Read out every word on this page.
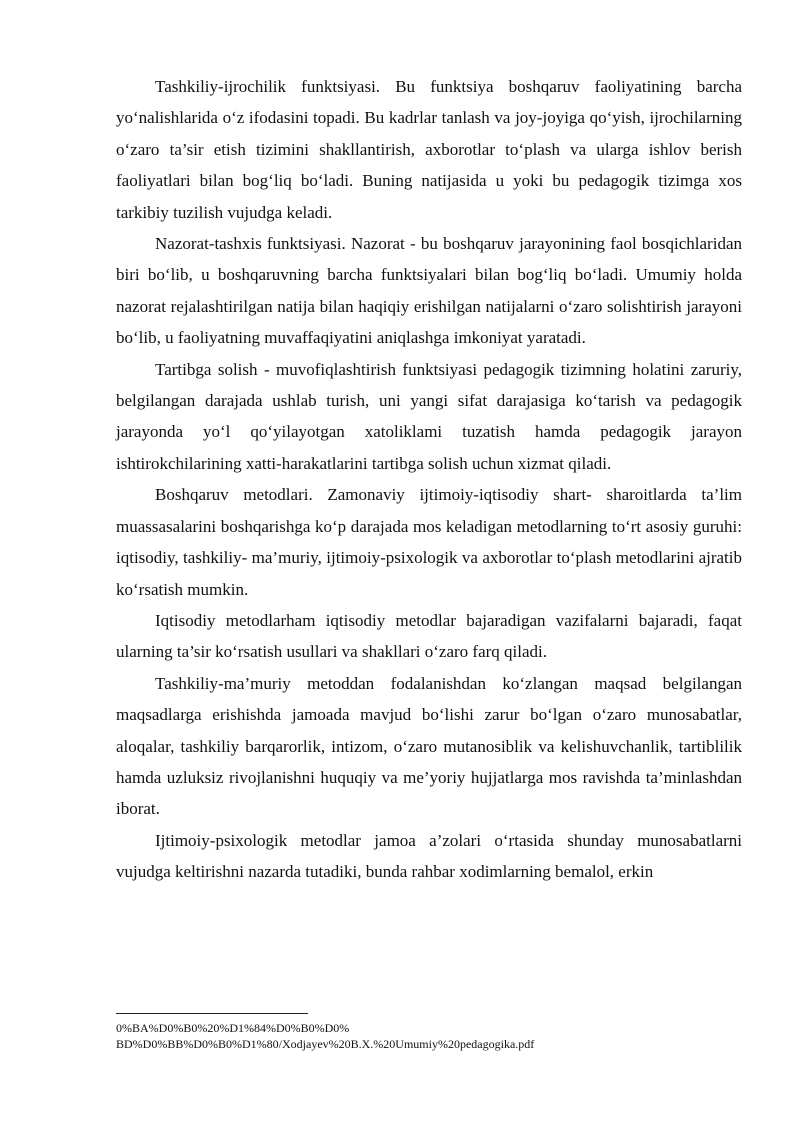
Tashkiliy-ijrochilik funktsiyasi. Bu funktsiya boshqaruv faoliyatining barcha yo‘nalishlarida o‘z ifodasini topadi. Bu kadrlar tanlash va joy-joyiga qo‘yish, ijrochilarning o‘zaro ta’sir etish tizimini shakllantirish, axborotlar to‘plash va ularga ishlov berish faoliyatlari bilan bog‘liq bo‘ladi. Buning natijasida u yoki bu pedagogik tizimga xos tarkibiy tuzilish vujudga keladi.

Nazorat-tashxis funktsiyasi. Nazorat - bu boshqaruv jarayonining faol bosqichlaridan biri bo‘lib, u boshqaruvning barcha funktsiyalari bilan bog‘liq bo‘ladi. Umumiy holda nazorat rejalashtirilgan natija bilan haqiqiy erishilgan natijalarni o‘zaro solishtirish jarayoni bo‘lib, u faoliyatning muvaffaqiyatini aniqlashga imkoniyat yaratadi.

Tartibga solish - muvofiqlashtirish funktsiyasi pedagogik tizimning holatini zaruriy, belgilangan darajada ushlab turish, uni yangi sifat darajasiga ko‘tarish va pedagogik jarayonda yo‘l qo‘yilayotgan xatoliklami tuzatish hamda pedagogik jarayon ishtirokchilarining xatti-harakatlarini tartibga solish uchun xizmat qiladi.

Boshqaruv metodlari. Zamonaviy ijtimoiy-iqtisodiy shart- sharoitlarda ta’lim muassasalarini boshqarishga ko‘p darajada mos keladigan metodlarning to‘rt asosiy guruhi: iqtisodiy, tashkiliy- ma’muriy, ijtimoiy-psixologik va axborotlar to‘plash metodlarini ajratib ko‘rsatish mumkin.

Iqtisodiy metodlarham iqtisodiy metodlar bajaradigan vazifalarni bajaradi, faqat ularning ta’sir ko‘rsatish usullari va shakllari o‘zaro farq qiladi.

Tashkiliy-ma’muriy metoddan fodalanishdan ko‘zlangan maqsad belgilangan maqsadlarga erishishda jamoada mavjud bo‘lishi zarur bo‘lgan o‘zaro munosabatlar, aloqalar, tashkiliy barqarorlik, intizom, o‘zaro mutanosiblik va kelishuvchanlik, tartiblilik hamda uzluksiz rivojlanishni huquqiy va me’yoriy hujjatlarga mos ravishda ta’minlashdan iborat.

Ijtimoiy-psixologik metodlar jamoa a’zolari o‘rtasida shunday munosabatlarni vujudga keltirishni nazarda tutadiki, bunda rahbar xodimlarning bemalol, erkin

0%BA%D0%B0%20%D1%84%D0%B0%D0%
BD%D0%BB%D0%B0%D1%80/Xodjayev%20B.X.%20Umumiy%20pedagogika.pdf
